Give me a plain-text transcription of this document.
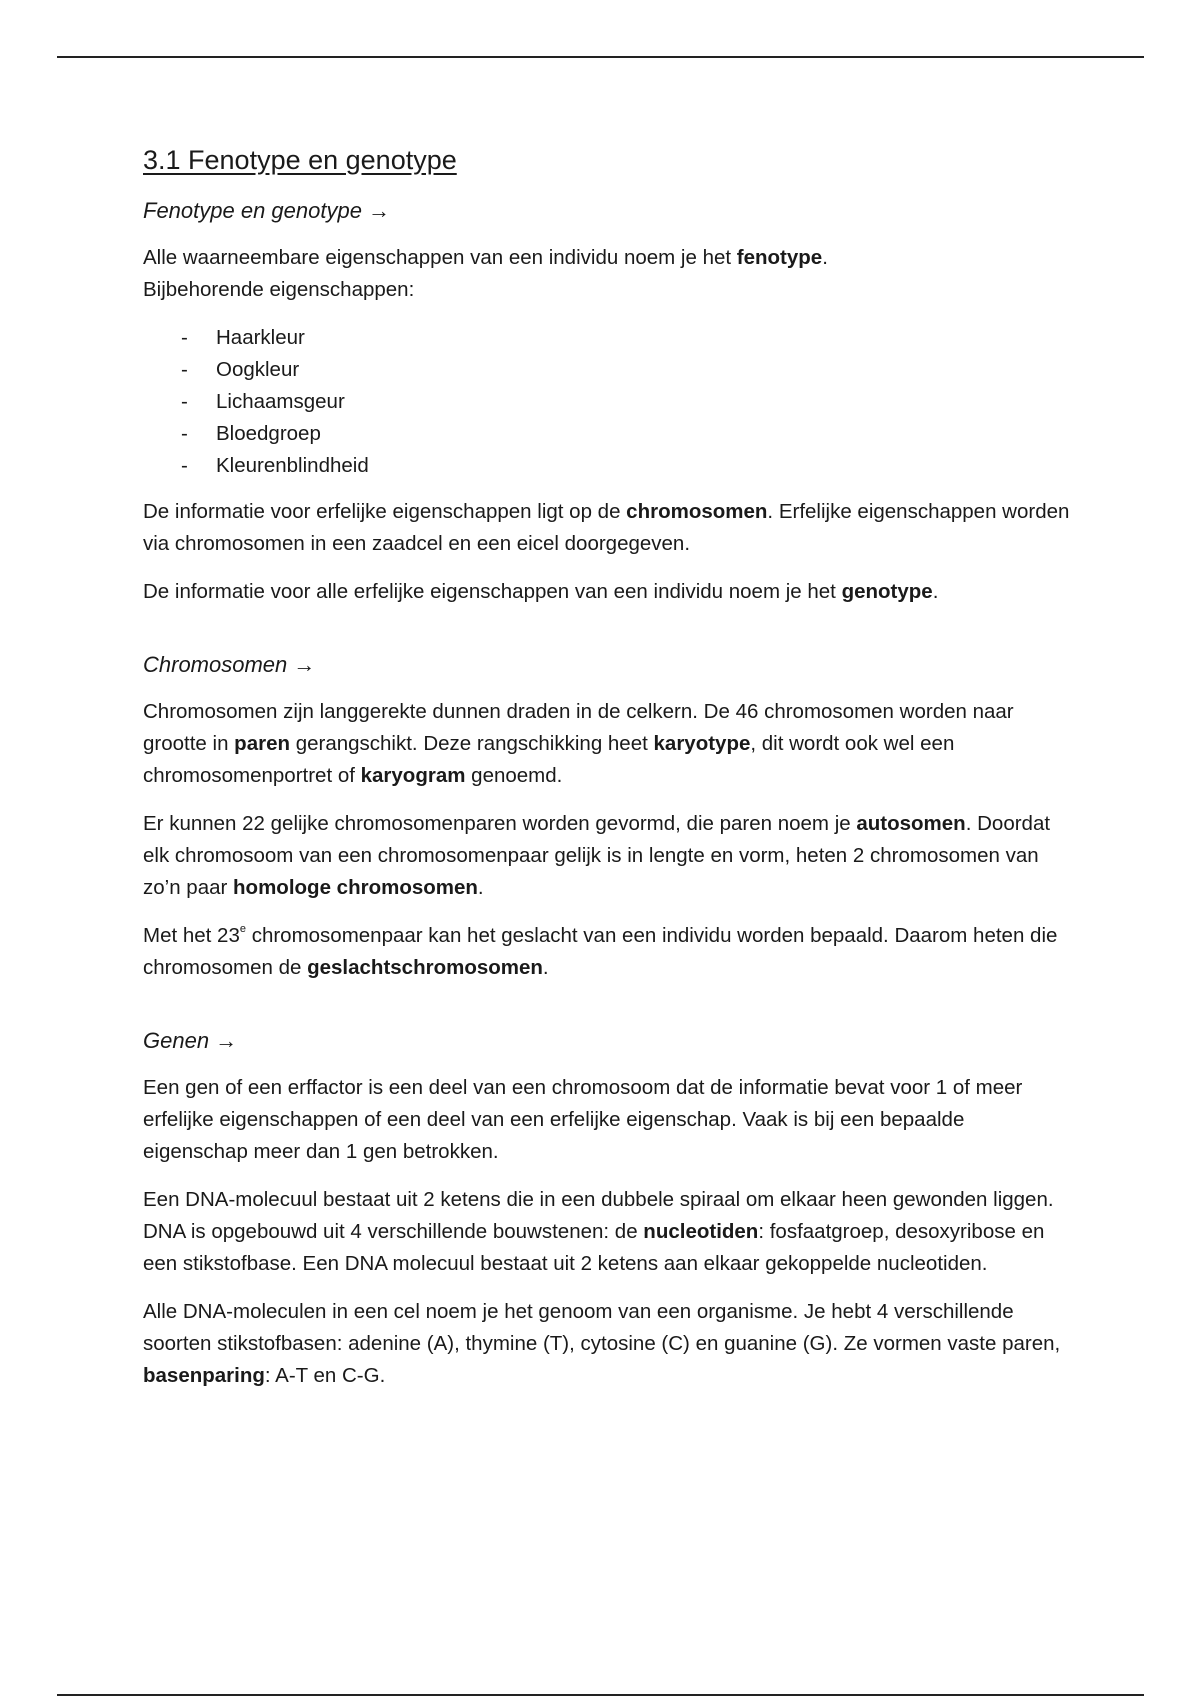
3.1 Fenotype en genotype
Fenotype en genotype →

Alle waarneembare eigenschappen van een individu noem je het fenotype.
Bijbehorende eigenschappen:

- Haarkleur
- Oogkleur
- Lichaamsgeur
- Bloedgroep
- Kleurenblindheid

De informatie voor erfelijke eigenschappen ligt op de chromosomen. Erfelijke eigenschappen worden via chromosomen in een zaadcel en een eicel doorgegeven.

De informatie voor alle erfelijke eigenschappen van een individu noem je het genotype.

Chromosomen →

Chromosomen zijn langgerekte dunnen draden in de celkern. De 46 chromosomen worden naar grootte in paren gerangschikt. Deze rangschikking heet karyotype, dit wordt ook wel een chromosomenportret of karyogram genoemd.

Er kunnen 22 gelijke chromosomenparen worden gevormd, die paren noem je autosomen. Doordat elk chromosoom van een chromosomenpaar gelijk is in lengte en vorm, heten 2 chromosomen van zo’n paar homologe chromosomen.

Met het 23e chromosomenpaar kan het geslacht van een individu worden bepaald. Daarom heten die chromosomen de geslachtschromosomen.

Genen →

Een gen of een erffactor is een deel van een chromosoom dat de informatie bevat voor 1 of meer erfelijke eigenschappen of een deel van een erfelijke eigenschap. Vaak is bij een bepaalde eigenschap meer dan 1 gen betrokken.

Een DNA-molecuul bestaat uit 2 ketens die in een dubbele spiraal om elkaar heen gewonden liggen. DNA is opgebouwd uit 4 verschillende bouwstenen: de nucleotiden: fosfaatgroep, desoxyribose en een stikstofbase. Een DNA molecuul bestaat uit 2 ketens aan elkaar gekoppelde nucleotiden.

Alle DNA-moleculen in een cel noem je het genoom van een organisme. Je hebt 4 verschillende soorten stikstofbasen: adenine (A), thymine (T), cytosine (C) en guanine (G). Ze vormen vaste paren, basenparing: A-T en C-G.
